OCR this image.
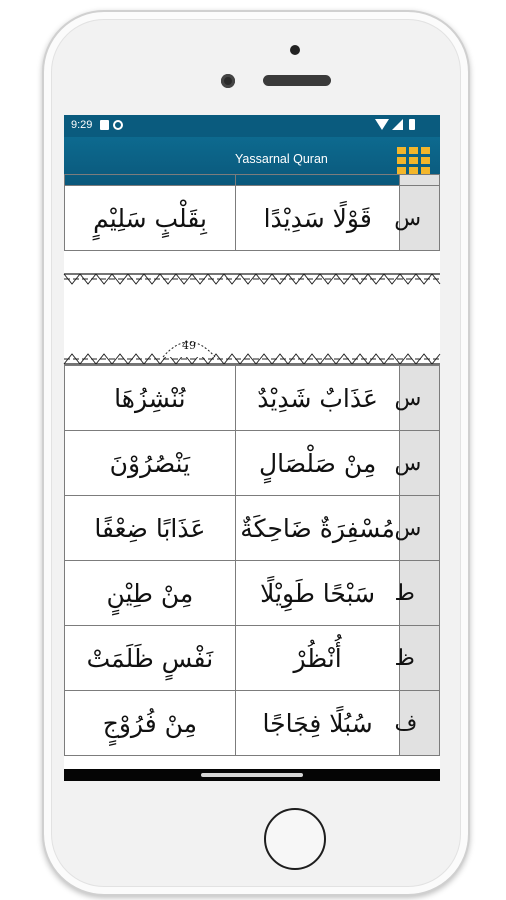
9:29
Yassarnal Quran

بِقَلْبٍ سَلِيْمٍ	قَوْلًا سَدِيْدًا	س
49
نُنْشِزُهَا	عَذَابٌ شَدِيْدٌ	س
يَنْصُرُوْنَ	مِنْ صَلْصَالٍ	س
عَذَابًا ضِعْفًا	مُسْفِرَةٌ ضَاحِكَةٌ	س
مِنْ طِيْنٍ	سَبْحًا طَوِيْلًا	ط
نَفْسٍ ظَلَمَتْ	أُنْظُرْ	ظ
مِنْ فُرُوْجٍ	سُبُلًا فِجَاجًا	ف
